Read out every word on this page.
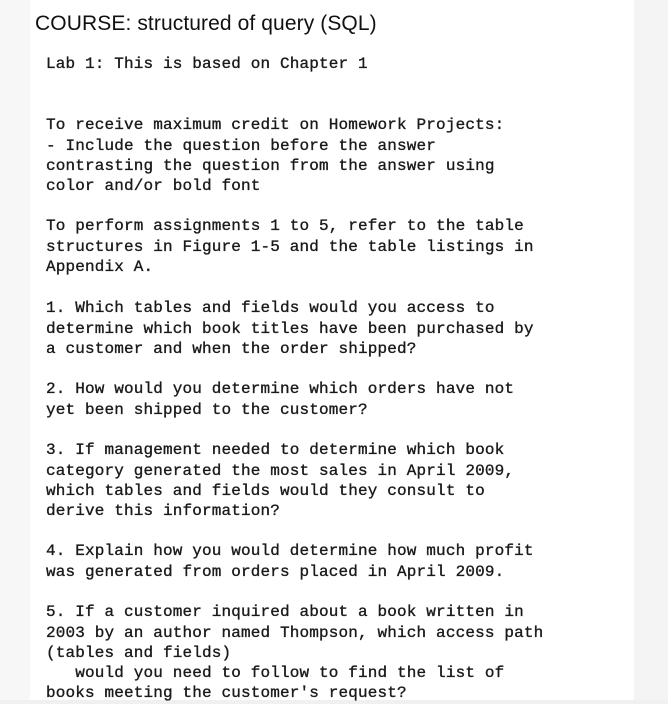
COURSE: structured of query (SQL)

Lab 1: This is based on Chapter 1

To receive maximum credit on Homework Projects:
- Include the question before the answer
contrasting the question from the answer using
color and/or bold font

To perform assignments 1 to 5, refer to the table
structures in Figure 1-5 and the table listings in
Appendix A.

1. Which tables and fields would you access to
determine which book titles have been purchased by
a customer and when the order shipped?

2. How would you determine which orders have not
yet been shipped to the customer?

3. If management needed to determine which book
category generated the most sales in April 2009,
which tables and fields would they consult to
derive this information?

4. Explain how you would determine how much profit
was generated from orders placed in April 2009.

5. If a customer inquired about a book written in
2003 by an author named Thompson, which access path
(tables and fields)
would you need to follow to find the list of
books meeting the customer's request?
